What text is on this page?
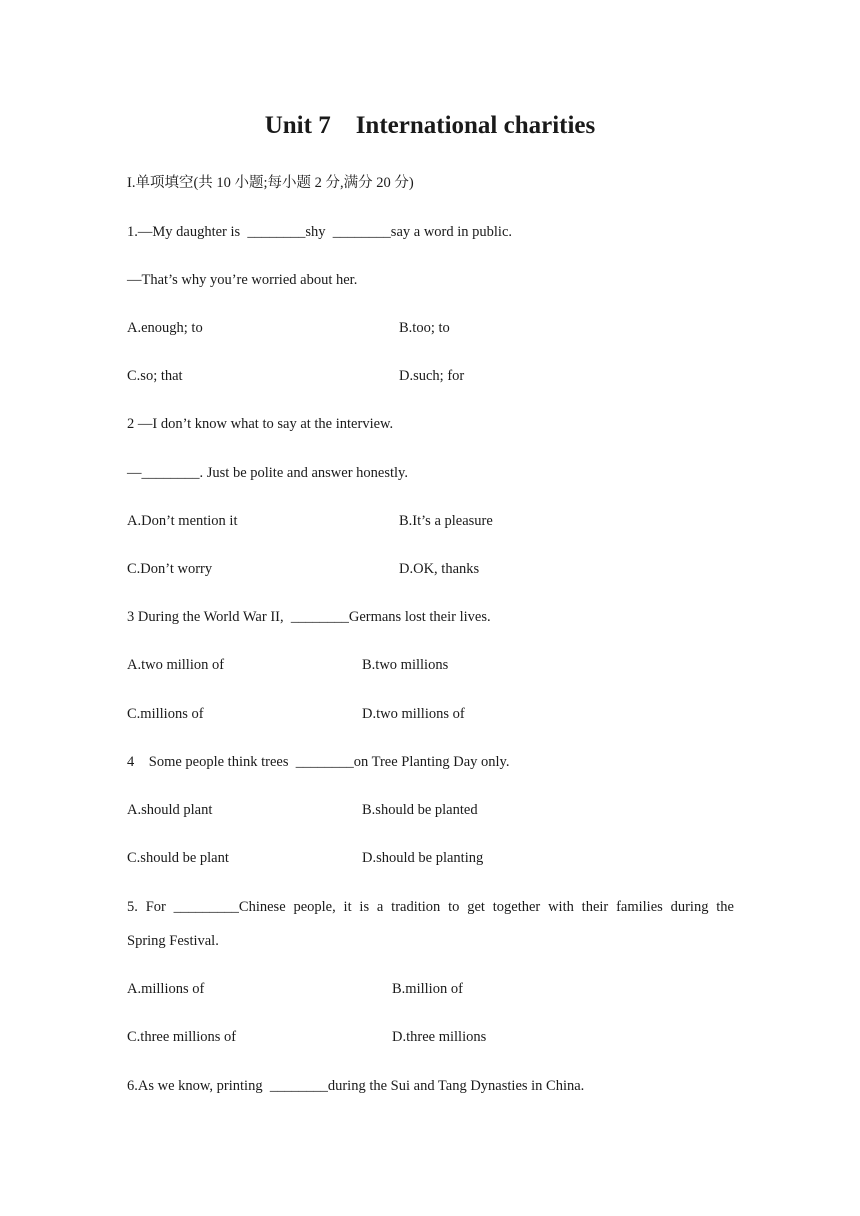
Unit 7    International charities
I.单项填空(共 10 小题;每小题 2 分,满分 20 分)
1.—My daughter is  ________shy  ________say a word in public.
—That’s why you’re worried about her.
A.enough; to	B.too; to
C.so; that	D.such; for
2 —I don’t know what to say at the interview.
—________. Just be polite and answer honestly.
A.Don’t mention it	B.It’s a pleasure
C.Don’t worry	D.OK, thanks
3 During the World War II,  ________Germans lost their lives.
A.two million of	B.two millions
C.millions of	D.two millions of
4    Some people think trees  ________on Tree Planting Day only.
A.should plant	B.should be planted
C.should be plant	D.should be planting
5. For _________Chinese people, it is a tradition to get together with their families during the
Spring Festival.
A.millions of	B.million of
C.three millions of	D.three millions
6.As we know, printing  ________during the Sui and Tang Dynasties in China.
